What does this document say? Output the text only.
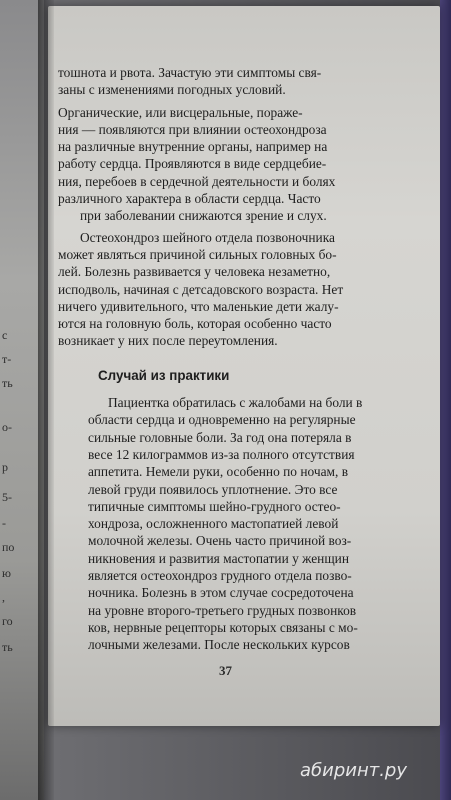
с
т-
ть
о-
р
5-
-
по
ю
,
го
ть
тошнота и рвота. Зачастую эти симптомы свя-
заны с изменениями погодных условий.
• Органические, или висцеральные, пораже-
ния — появляются при влиянии остеохондроза
на различные внутренние органы, например на
работу сердца. Проявляются в виде сердцебие-
ния, перебоев в сердечной деятельности и болях
различного характера в области сердца. Часто
при заболевании снижаются зрение и слух.
Остеохондроз шейного отдела позвоночника
может являться причиной сильных головных бо-
лей. Болезнь развивается у человека незаметно,
исподволь, начиная с детсадовского возраста. Нет
ничего удивительного, что маленькие дети жалу-
ются на головную боль, которая особенно часто
возникает у них после переутомления.
Случай из практики
Пациентка обратилась с жалобами на боли в
области сердца и одновременно на регулярные
сильные головные боли. За год она потеряла в
весе 12 килограммов из-за полного отсутствия
аппетита. Немели руки, особенно по ночам, в
левой груди появилось уплотнение. Это все
типичные симптомы шейно-грудного остео-
хондроза, осложненного мастопатией левой
молочной железы. Очень часто причиной воз-
никновения и развития мастопатии у женщин
является остеохондроз грудного отдела позво-
ночника. Болезнь в этом случае сосредоточена
на уровне второго-третьего грудных позвонков
ков, нервные рецепторы которых связаны с мо-
лочными железами. После нескольких курсов
37
абиринт.ру
